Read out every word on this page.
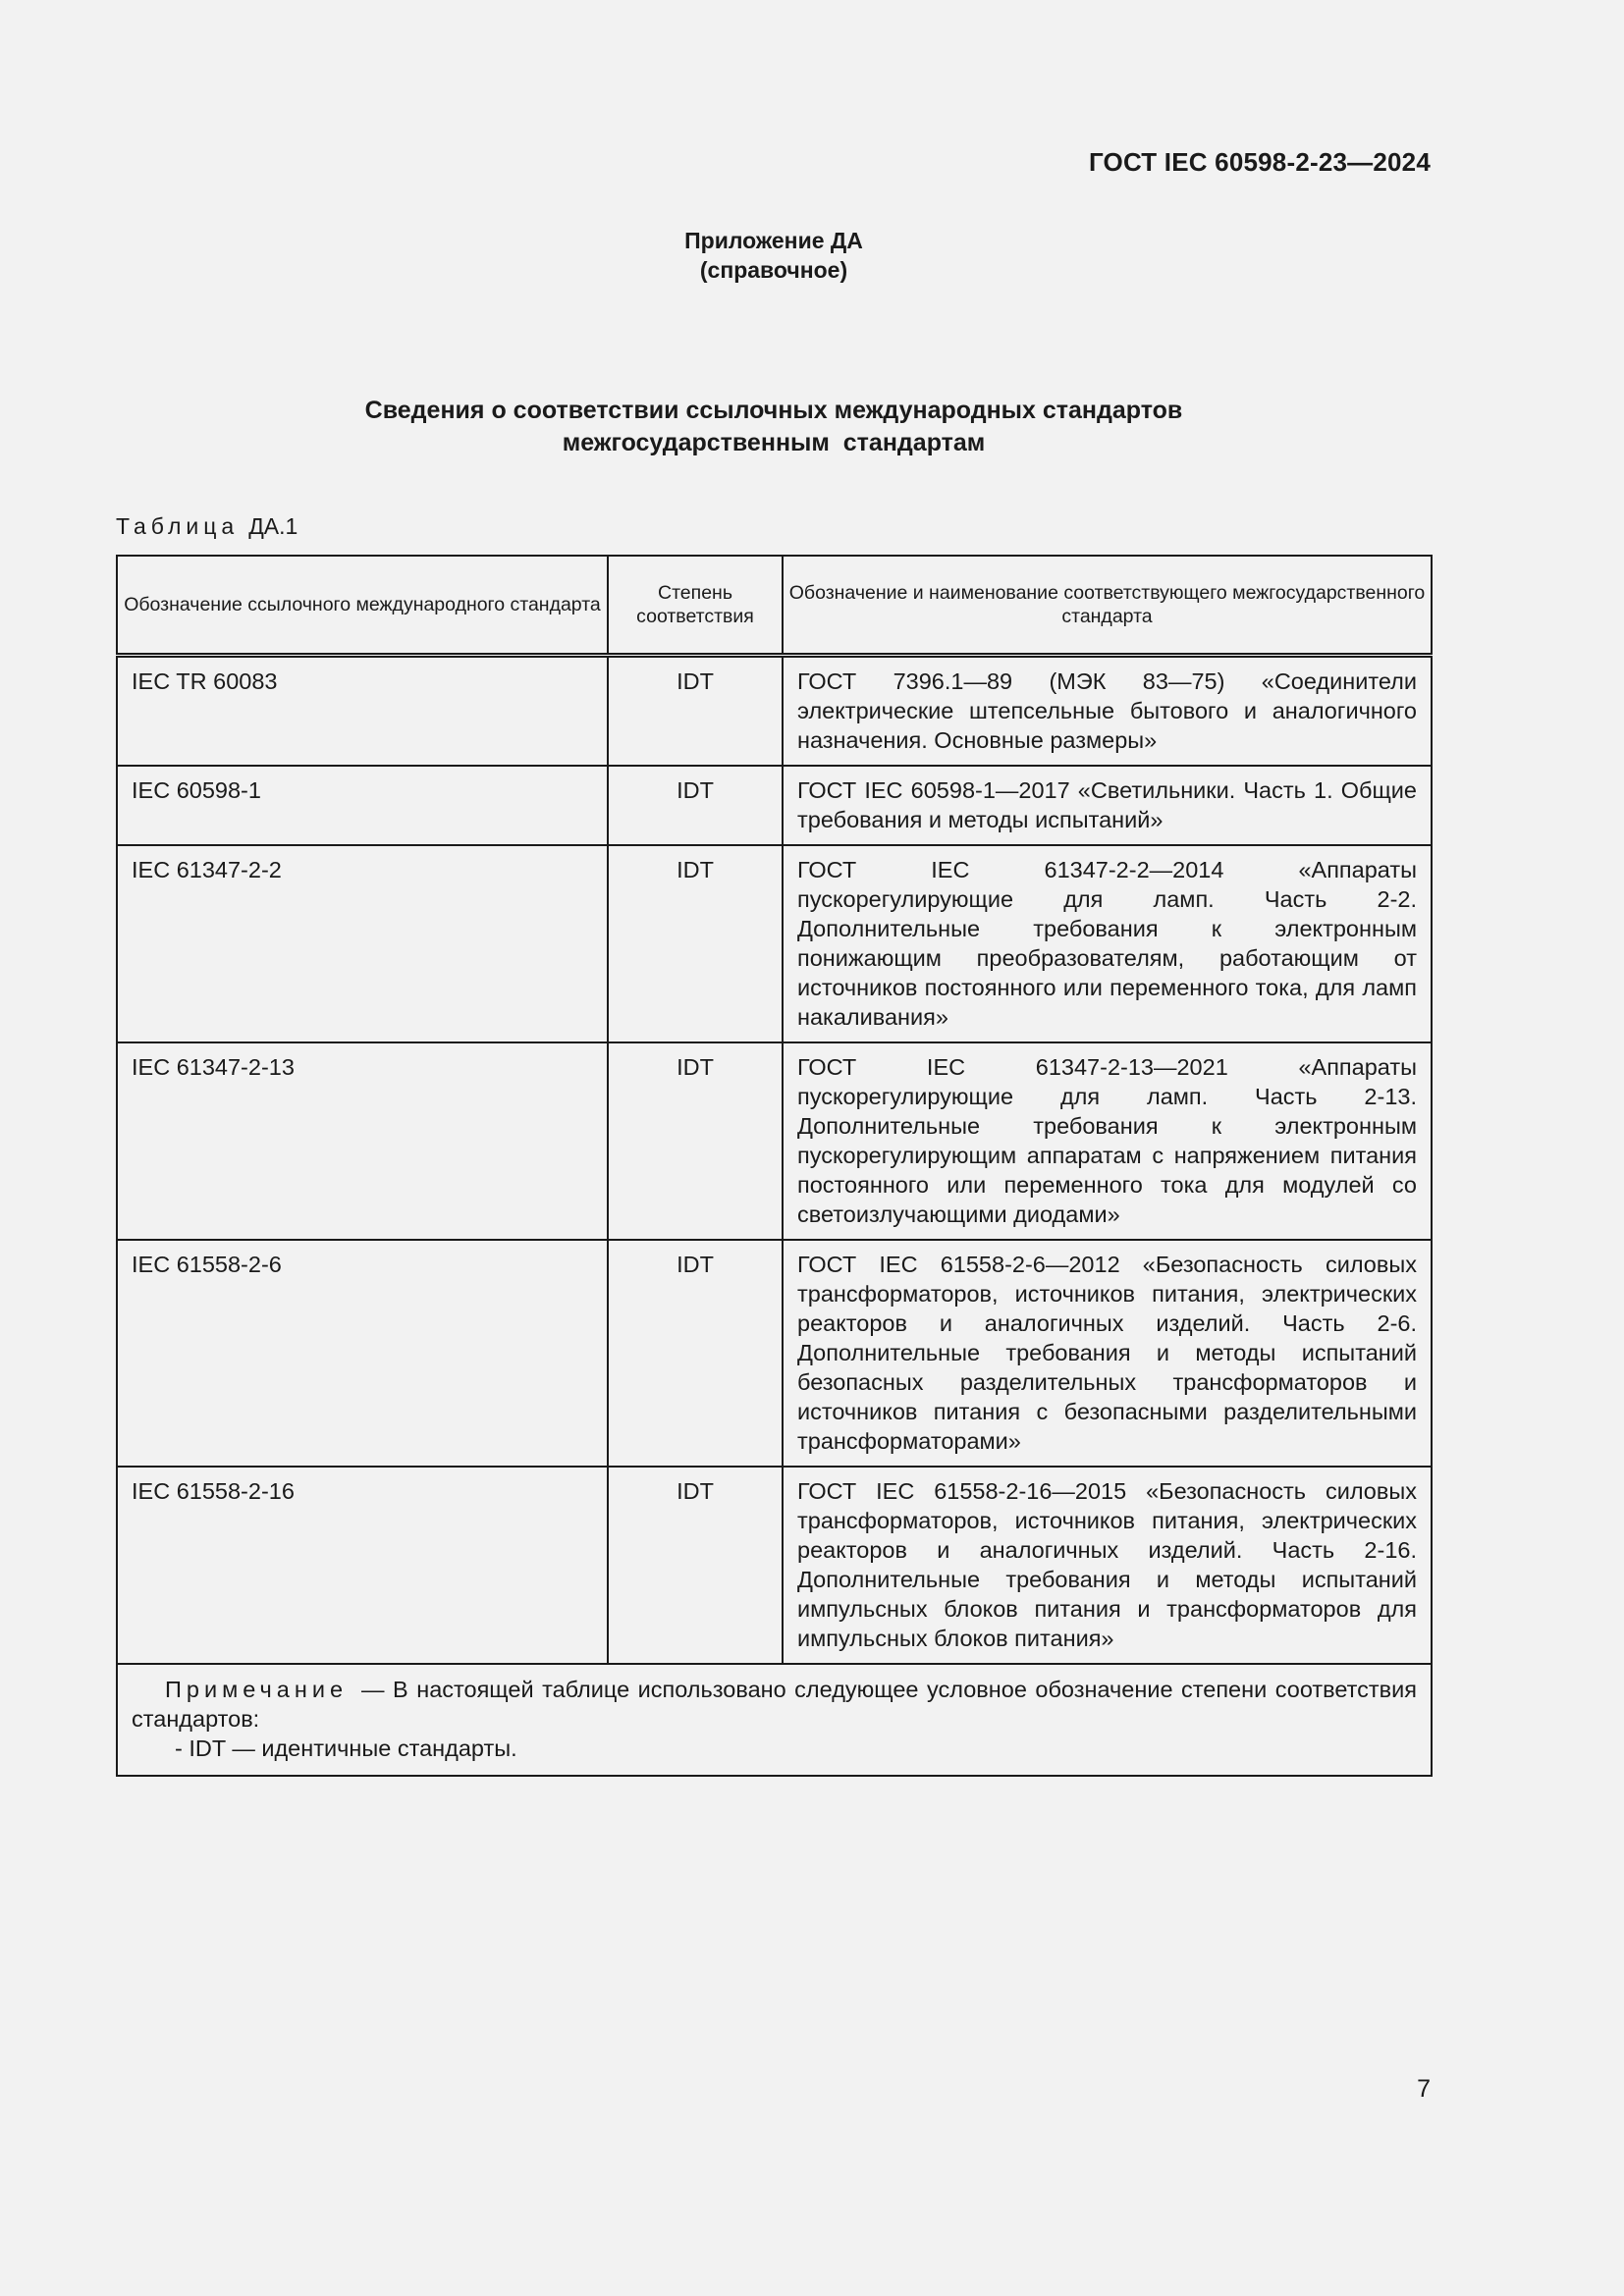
ГОСТ IEC 60598-2-23—2024
Приложение ДА
(справочное)
Сведения о соответствии ссылочных международных стандартов
межгосударственным  стандартам
Таблица ДА.1
Обозначение ссылочного международного стандарта	Степень соответствия	Обозначение и наименование соответствующего межгосударственного стандарта
IEC TR 60083	IDT	ГОСТ 7396.1—89 (МЭК 83—75) «Соединители электрические штепсельные бытового и аналогичного назначения. Основные размеры»
IEC 60598-1	IDT	ГОСТ IEC 60598-1—2017 «Светильники. Часть 1. Общие требования и методы испытаний»
IEC 61347-2-2	IDT	ГОСТ IEC 61347-2-2—2014 «Аппараты пускорегулирующие для ламп. Часть 2-2. Дополнительные требования к электронным понижающим преобразователям, работающим от источников постоянного или переменного тока, для ламп накаливания»
IEC 61347-2-13	IDT	ГОСТ IEC 61347-2-13—2021 «Аппараты пускорегулирующие для ламп. Часть 2-13. Дополнительные требования к электронным пускорегулирующим аппаратам с напряжением питания постоянного или переменного тока для модулей со светоизлучающими диодами»
IEC 61558-2-6	IDT	ГОСТ IEC 61558-2-6—2012 «Безопасность силовых трансформаторов, источников питания, электрических реакторов и аналогичных изделий. Часть 2-6. Дополнительные требования и методы испытаний безопасных разделительных трансформаторов и источников питания с безопасными разделительными трансформаторами»
IEC 61558-2-16	IDT	ГОСТ IEC 61558-2-16—2015 «Безопасность силовых трансформаторов, источников питания, электрических реакторов и аналогичных изделий. Часть 2-16. Дополнительные требования и методы испытаний импульсных блоков питания и трансформаторов для импульсных блоков питания»

Примечание — В настоящей таблице использовано следующее условное обозначение степени соответствия стандартов:
- IDT — идентичные стандарты.		
7
